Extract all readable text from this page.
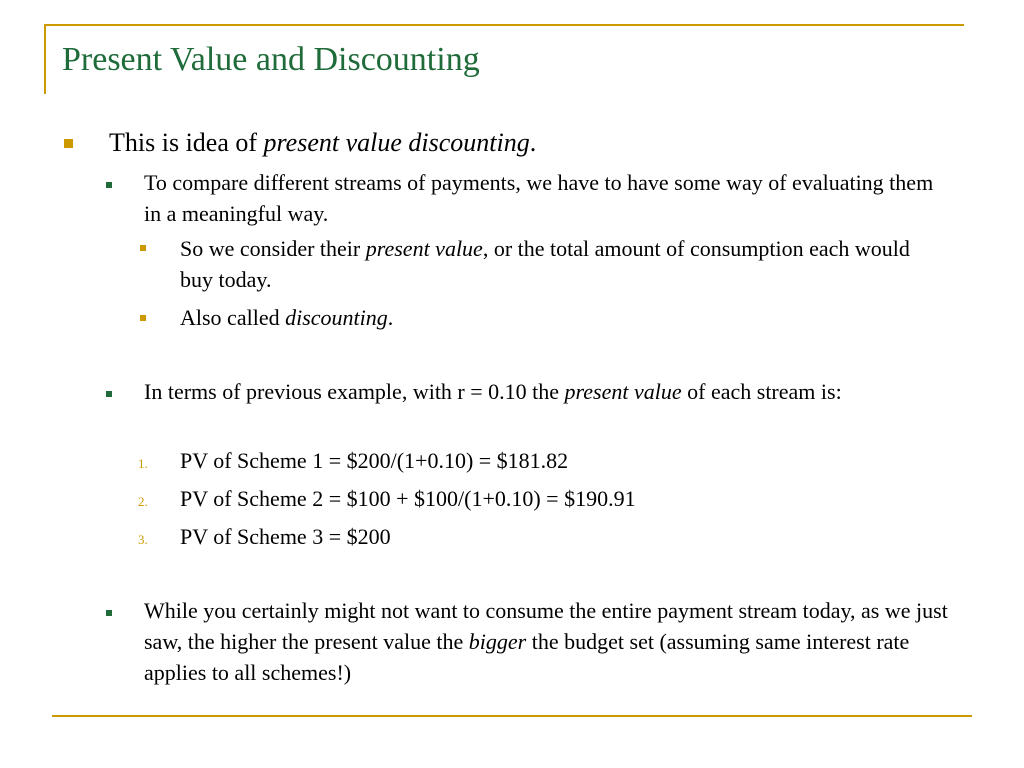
Present Value and Discounting
This is idea of present value discounting.
To compare different streams of payments, we have to have some way of evaluating them in a meaningful way.
So we consider their present value, or the total amount of consumption each would buy today.
Also called discounting.
In terms of previous example, with r = 0.10 the present value of each stream is:
1. PV of Scheme 1 = $200/(1+0.10) = $181.82
2. PV of Scheme 2 = $100 + $100/(1+0.10) = $190.91
3. PV of Scheme 3 = $200
While you certainly might not want to consume the entire payment stream today, as we just saw, the higher the present value the bigger the budget set (assuming same interest rate applies to all schemes!)
